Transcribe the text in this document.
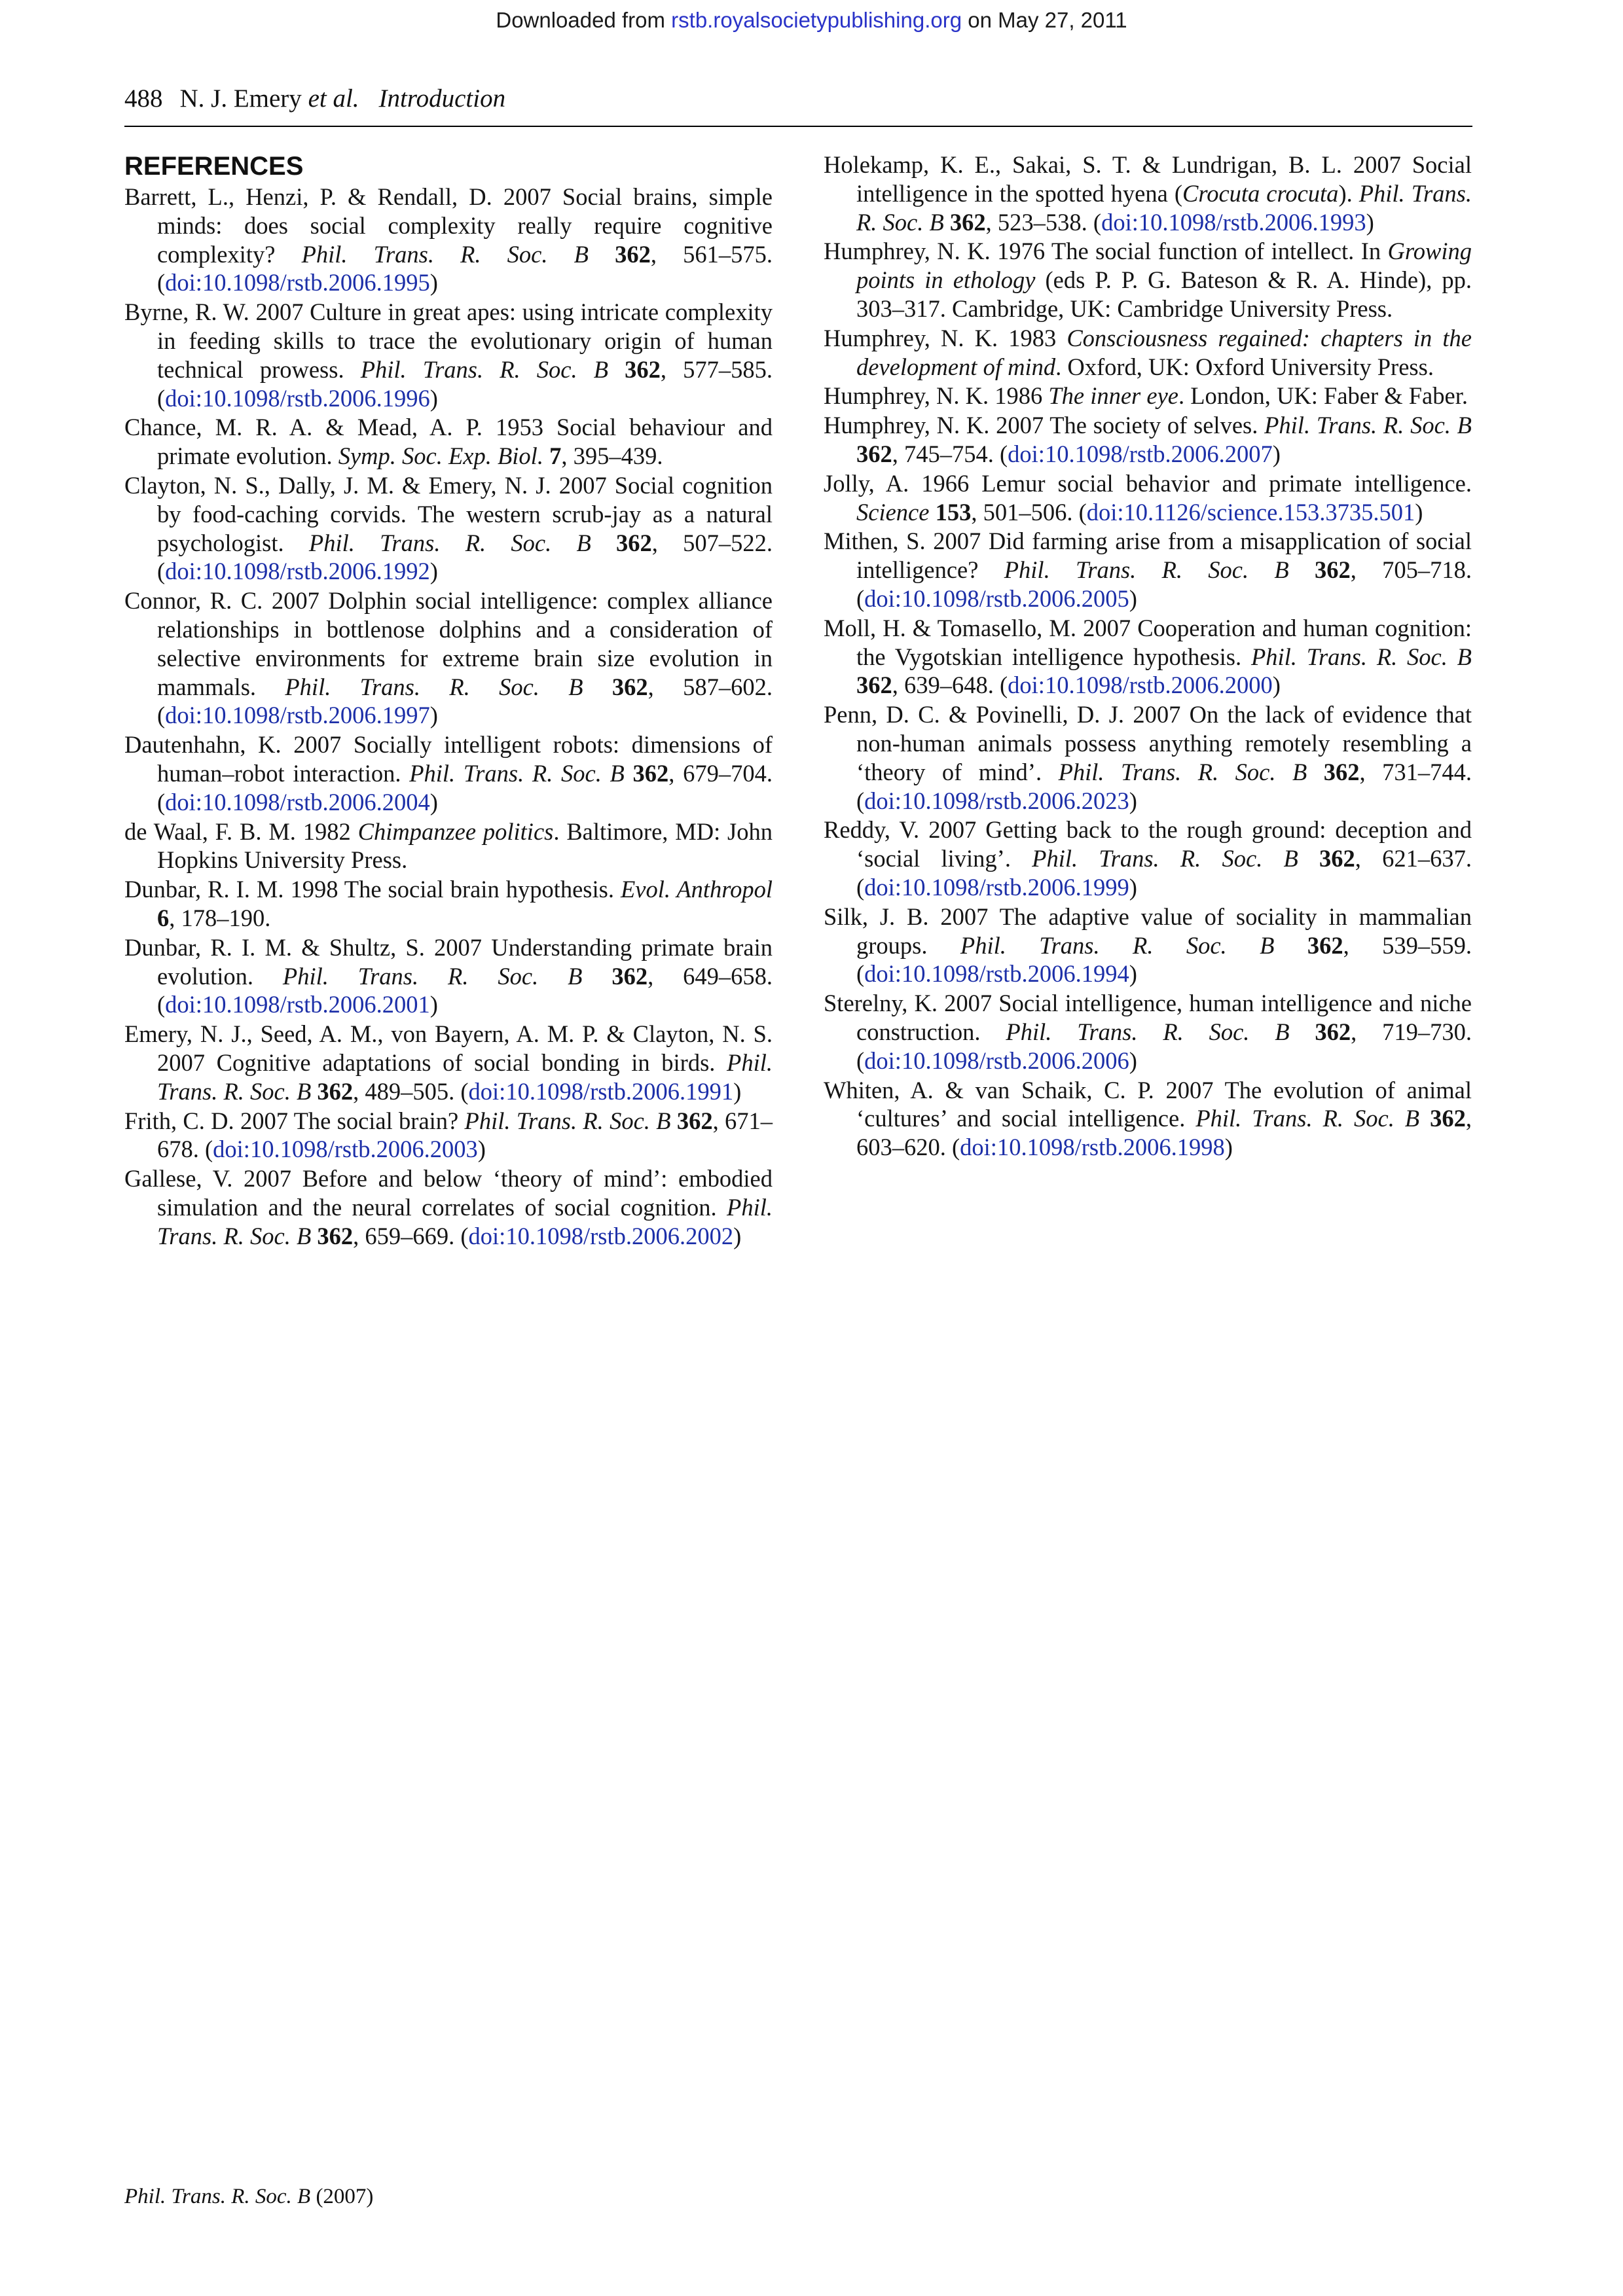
Downloaded from rstb.royalsocietypublishing.org on May 27, 2011
488 N. J. Emery et al. Introduction
REFERENCES
Barrett, L., Henzi, P. & Rendall, D. 2007 Social brains, simple minds: does social complexity really require cognitive complexity? Phil. Trans. R. Soc. B 362, 561–575. (doi:10.1098/rstb.2006.1995)
Byrne, R. W. 2007 Culture in great apes: using intricate complexity in feeding skills to trace the evolutionary origin of human technical prowess. Phil. Trans. R. Soc. B 362, 577–585. (doi:10.1098/rstb.2006.1996)
Chance, M. R. A. & Mead, A. P. 1953 Social behaviour and primate evolution. Symp. Soc. Exp. Biol. 7, 395–439.
Clayton, N. S., Dally, J. M. & Emery, N. J. 2007 Social cognition by food-caching corvids. The western scrub-jay as a natural psychologist. Phil. Trans. R. Soc. B 362, 507–522. (doi:10.1098/rstb.2006.1992)
Connor, R. C. 2007 Dolphin social intelligence: complex alliance relationships in bottlenose dolphins and a consideration of selective environments for extreme brain size evolution in mammals. Phil. Trans. R. Soc. B 362, 587–602. (doi:10.1098/rstb.2006.1997)
Dautenhahn, K. 2007 Socially intelligent robots: dimensions of human–robot interaction. Phil. Trans. R. Soc. B 362, 679–704. (doi:10.1098/rstb.2006.2004)
de Waal, F. B. M. 1982 Chimpanzee politics. Baltimore, MD: John Hopkins University Press.
Dunbar, R. I. M. 1998 The social brain hypothesis. Evol. Anthropol 6, 178–190.
Dunbar, R. I. M. & Shultz, S. 2007 Understanding primate brain evolution. Phil. Trans. R. Soc. B 362, 649–658. (doi:10.1098/rstb.2006.2001)
Emery, N. J., Seed, A. M., von Bayern, A. M. P. & Clayton, N. S. 2007 Cognitive adaptations of social bonding in birds. Phil. Trans. R. Soc. B 362, 489–505. (doi:10.1098/rstb.2006.1991)
Frith, C. D. 2007 The social brain? Phil. Trans. R. Soc. B 362, 671–678. (doi:10.1098/rstb.2006.2003)
Gallese, V. 2007 Before and below ‘theory of mind’: embodied simulation and the neural correlates of social cognition. Phil. Trans. R. Soc. B 362, 659–669. (doi:10.1098/rstb.2006.2002)
Holekamp, K. E., Sakai, S. T. & Lundrigan, B. L. 2007 Social intelligence in the spotted hyena (Crocuta crocuta). Phil. Trans. R. Soc. B 362, 523–538. (doi:10.1098/rstb.2006.1993)
Humphrey, N. K. 1976 The social function of intellect. In Growing points in ethology (eds P. P. G. Bateson & R. A. Hinde), pp. 303–317. Cambridge, UK: Cambridge University Press.
Humphrey, N. K. 1983 Consciousness regained: chapters in the development of mind. Oxford, UK: Oxford University Press.
Humphrey, N. K. 1986 The inner eye. London, UK: Faber & Faber.
Humphrey, N. K. 2007 The society of selves. Phil. Trans. R. Soc. B 362, 745–754. (doi:10.1098/rstb.2006.2007)
Jolly, A. 1966 Lemur social behavior and primate intelligence. Science 153, 501–506. (doi:10.1126/science.153.3735.501)
Mithen, S. 2007 Did farming arise from a misapplication of social intelligence? Phil. Trans. R. Soc. B 362, 705–718. (doi:10.1098/rstb.2006.2005)
Moll, H. & Tomasello, M. 2007 Cooperation and human cognition: the Vygotskian intelligence hypothesis. Phil. Trans. R. Soc. B 362, 639–648. (doi:10.1098/rstb.2006.2000)
Penn, D. C. & Povinelli, D. J. 2007 On the lack of evidence that non-human animals possess anything remotely resembling a ‘theory of mind’. Phil. Trans. R. Soc. B 362, 731–744. (doi:10.1098/rstb.2006.2023)
Reddy, V. 2007 Getting back to the rough ground: deception and ‘social living’. Phil. Trans. R. Soc. B 362, 621–637. (doi:10.1098/rstb.2006.1999)
Silk, J. B. 2007 The adaptive value of sociality in mammalian groups. Phil. Trans. R. Soc. B 362, 539–559. (doi:10.1098/rstb.2006.1994)
Sterelny, K. 2007 Social intelligence, human intelligence and niche construction. Phil. Trans. R. Soc. B 362, 719–730. (doi:10.1098/rstb.2006.2006)
Whiten, A. & van Schaik, C. P. 2007 The evolution of animal ‘cultures’ and social intelligence. Phil. Trans. R. Soc. B 362, 603–620. (doi:10.1098/rstb.2006.1998)
Phil. Trans. R. Soc. B (2007)
